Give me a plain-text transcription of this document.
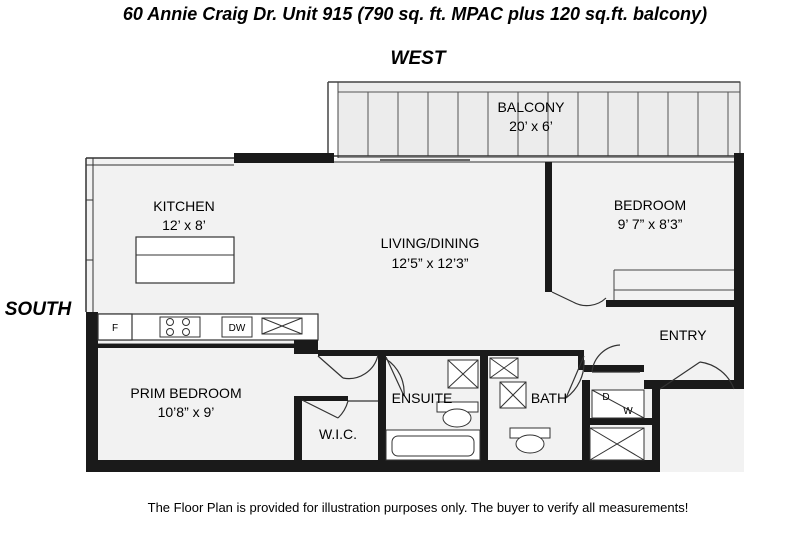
60 Annie Craig Dr. Unit 915 (790 sq. ft. MPAC plus 120 sq.ft. balcony)
WEST
SOUTH
BALCONY
20’ x 6’
F	DW
D
W
KITCHEN
12’ x 8’
LIVING/DINING
12’5” x 12’3”
BEDROOM
9’ 7” x 8’3”
ENTRY
PRIM BEDROOM
10’8” x 9’
W.I.C.
ENSUITE	BATH
The Floor Plan is provided for illustration purposes only. The buyer to verify all measurements!
